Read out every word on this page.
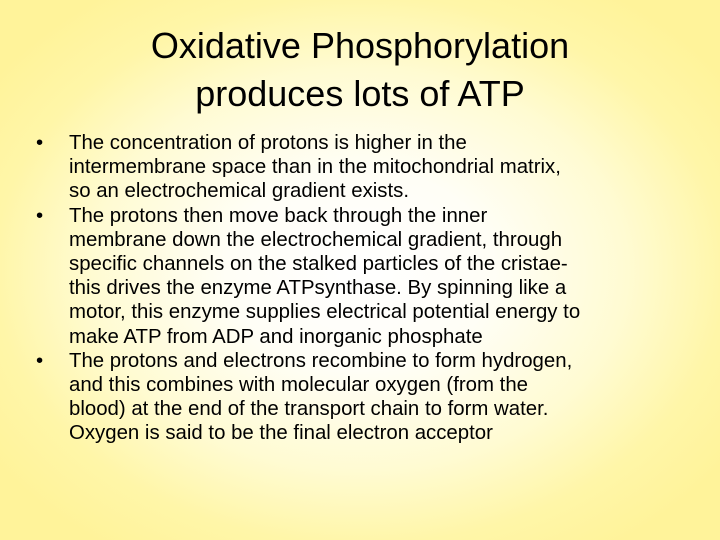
Oxidative Phosphorylation
produces lots of ATP
•	The concentration of protons is higher in the
intermembrane space than in the mitochondrial matrix,
so an electrochemical gradient exists.
•	The protons then move back through the inner
membrane down the electrochemical gradient, through
specific channels on the stalked particles of the cristae-
this drives the enzyme ATPsynthase. By spinning like a
motor, this enzyme supplies electrical potential energy to
make ATP from ADP and inorganic phosphate
•	The protons and electrons recombine to form hydrogen,
and this combines with molecular oxygen (from the
blood) at the end of the transport chain to form water.
Oxygen is said to be the final electron acceptor
